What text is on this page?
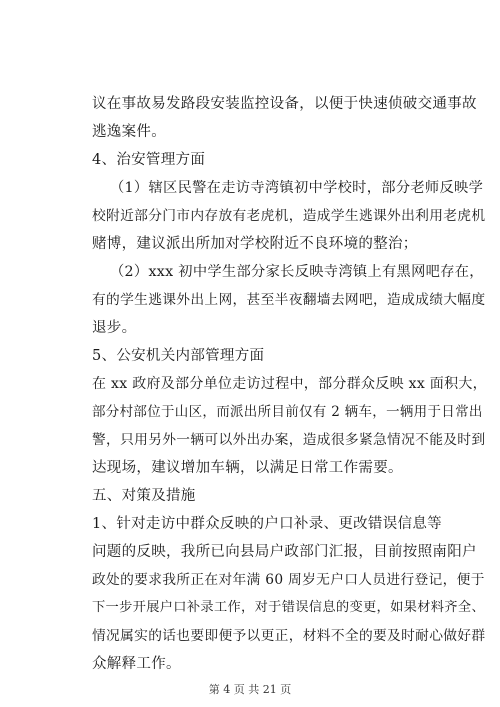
议在事故易发路段安装监控设备，以便于快速侦破交通事故
逃逸案件。
4、治安管理方面
（1）辖区民警在走访寺湾镇初中学校时，部分老师反映学
校附近部分门市内存放有老虎机，造成学生逃课外出利用老虎机
赌博，建议派出所加对学校附近不良环境的整治；
（2）xxx 初中学生部分家长反映寺湾镇上有黑网吧存在，
有的学生逃课外出上网，甚至半夜翻墙去网吧，造成成绩大幅度
退步。
5、公安机关内部管理方面
在 xx 政府及部分单位走访过程中，部分群众反映 xx 面积大，
部分村部位于山区，而派出所目前仅有 2 辆车，一辆用于日常出
警，只用另外一辆可以外出办案，造成很多紧急情况不能及时到
达现场，建议增加车辆，以满足日常工作需要。
五、对策及措施
1、针对走访中群众反映的户口补录、更改错误信息等
问题的反映，我所已向县局户政部门汇报，目前按照南阳户
政处的要求我所正在对年满 60 周岁无户口人员进行登记，便于
下一步开展户口补录工作，对于错误信息的变更，如果材料齐全、
情况属实的话也要即便予以更正，材料不全的要及时耐心做好群
众解释工作。
第 4 页 共 21 页
